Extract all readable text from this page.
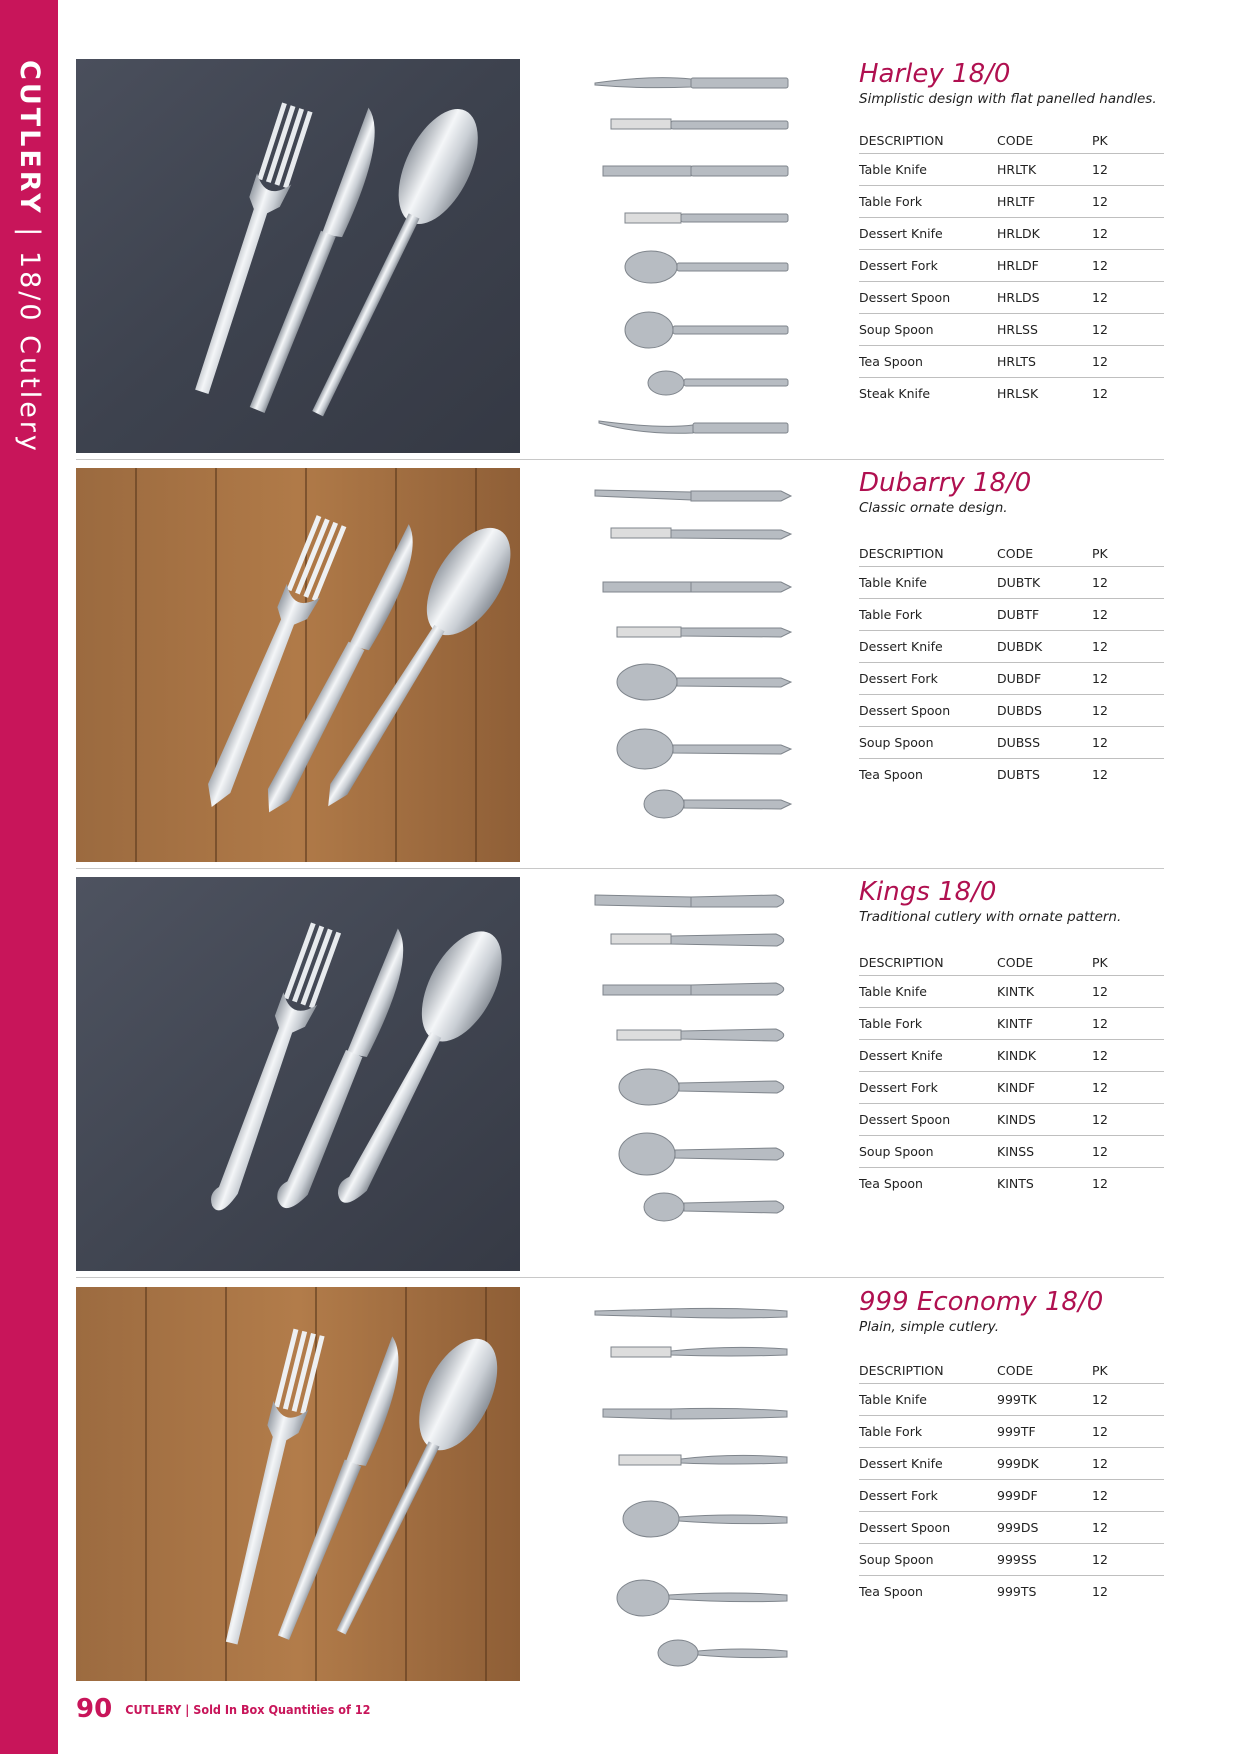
CUTLERY | 18/0 Cutlery
Harley 18/0

Simplistic design with flat panelled handles.

DESCRIPTION	CODE	PK
Table Knife	HRLTK	12
Table Fork	HRLTF	12
Dessert Knife	HRLDK	12
Dessert Fork	HRLDF	12
Dessert Spoon	HRLDS	12
Soup Spoon	HRLSS	12
Tea Spoon	HRLTS	12
Steak Knife	HRLSK	12
Dubarry 18/0

Classic ornate design.

DESCRIPTION	CODE	PK
Table Knife	DUBTK	12
Table Fork	DUBTF	12
Dessert Knife	DUBDK	12
Dessert Fork	DUBDF	12
Dessert Spoon	DUBDS	12
Soup Spoon	DUBSS	12
Tea Spoon	DUBTS	12
Kings 18/0

Traditional cutlery with ornate pattern.

DESCRIPTION	CODE	PK
Table Knife	KINTK	12
Table Fork	KINTF	12
Dessert Knife	KINDK	12
Dessert Fork	KINDF	12
Dessert Spoon	KINDS	12
Soup Spoon	KINSS	12
Tea Spoon	KINTS	12
999 Economy 18/0

Plain, simple cutlery.

DESCRIPTION	CODE	PK
Table Knife	999TK	12
Table Fork	999TF	12
Dessert Knife	999DK	12
Dessert Fork	999DF	12
Dessert Spoon	999DS	12
Soup Spoon	999SS	12
Tea Spoon	999TS	12
90 CUTLERY | Sold In Box Quantities of 12
